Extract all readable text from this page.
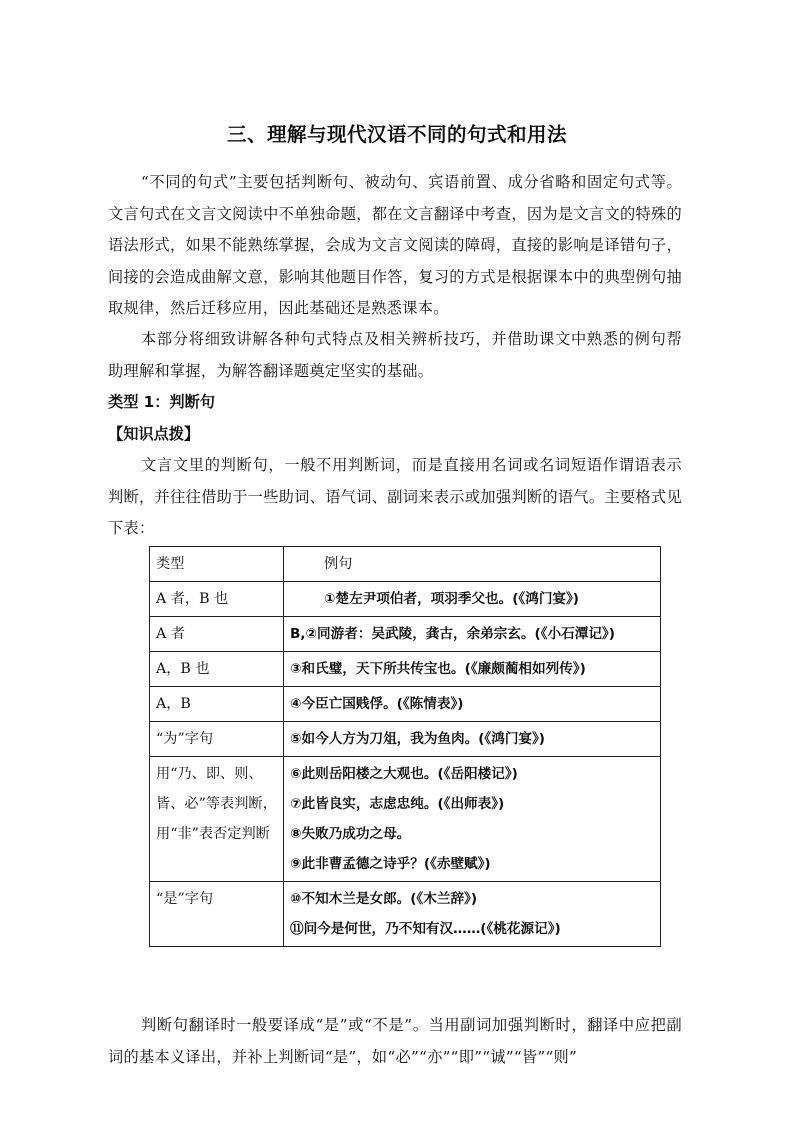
三、理解与现代汉语不同的句式和用法

“不同的句式”主要包括判断句、被动句、宾语前置、成分省略和固定句式等。文言句式在文言文阅读中不单独命题，都在文言翻译中考查，因为是文言文的特殊的语法形式，如果不能熟练掌握，会成为文言文阅读的障碍，直接的影响是译错句子，间接的会造成曲解文意，影响其他题目作答，复习的方式是根据课本中的典型例句抽取规律，然后迁移应用，因此基础还是熟悉课本。

本部分将细致讲解各种句式特点及相关辨析技巧，并借助课文中熟悉的例句帮助理解和掌握，为解答翻译题奠定坚实的基础。

类型 1：判断句
【知识点拨】

文言文里的判断句，一般不用判断词，而是直接用名词或名词短语作谓语表示判断，并往往借助于一些助词、语气词、副词来表示或加强判断的语气。主要格式见下表：

类型	例句
A 者，B 也	①楚左尹项伯者，项羽季父也。(《鸿门宴》)

A 者	B,②同游者：吴武陵，龚古，余弟宗玄。(《小石潭记》)

A，B 也	③和氏璧，天下所共传宝也。(《廉颇蔺相如列传》)

A，B	④今臣亡国贱俘。(《陈情表》)

“为”字句	⑤如今人方为刀俎，我为鱼肉。(《鸿门宴》)

用“乃、即、则、皆、必”等表判断，用“非”表否定判断	⑥此则岳阳楼之大观也。(《岳阳楼记》)
⑦此皆良实，志虑忠纯。(《出师表》)
⑧失败乃成功之母。
⑨此非曹孟德之诗乎？(《赤壁赋》)

“是”字句	⑩不知木兰是女郎。(《木兰辞》)
⑪问今是何世，乃不知有汉……(《桃花源记》)

判断句翻译时一般要译成“是”或“不是”。当用副词加强判断时，翻译中应把副词的基本义译出，并补上判断词“是”，如“必”“亦”“即”“诚”“皆”“则”
